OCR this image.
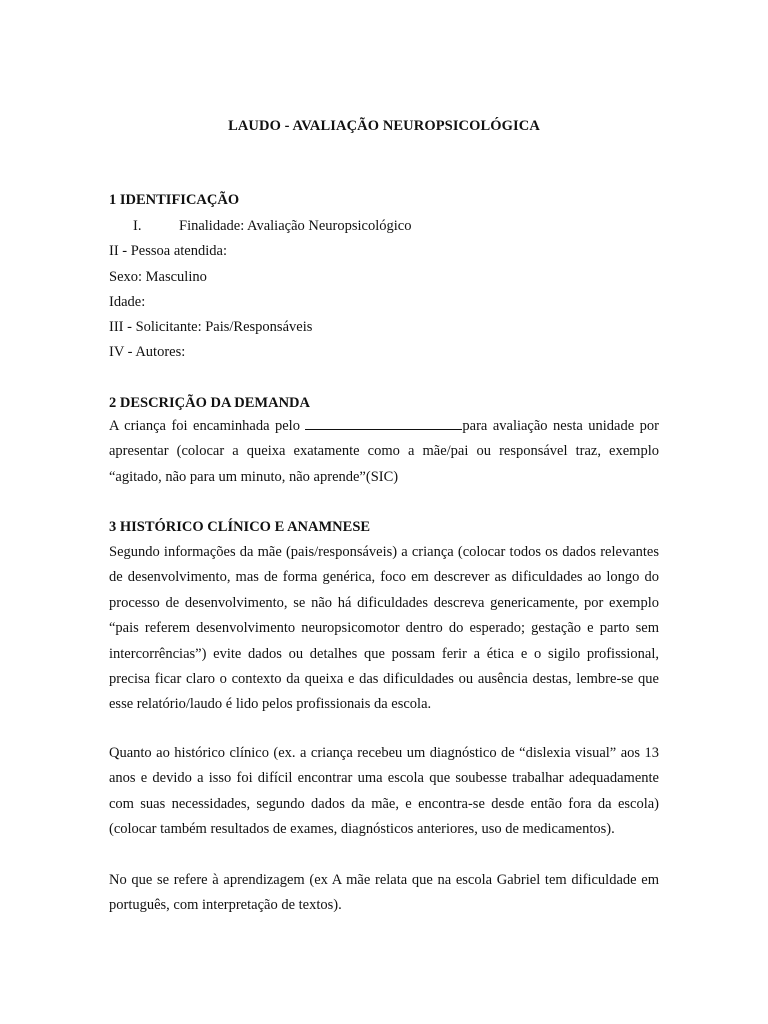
LAUDO - AVALIAÇÃO NEUROPSICOLÓGICA
1 IDENTIFICAÇÃO
I.	Finalidade: Avaliação Neuropsicológico
II - Pessoa atendida:
Sexo: Masculino
Idade:
III - Solicitante: Pais/Responsáveis
IV - Autores:
2 DESCRIÇÃO DA DEMANDA
A criança foi encaminhada pelo	para avaliação nesta unidade por apresentar (colocar a queixa exatamente como a mãe/pai ou responsável traz, exemplo “agitado, não para um minuto, não aprende”(SIC)
3 HISTÓRICO CLÍNICO E ANAMNESE
Segundo informações da mãe (pais/responsáveis) a criança (colocar todos os dados relevantes de desenvolvimento, mas de forma genérica, foco em descrever as dificuldades ao longo do processo de desenvolvimento, se não há dificuldades descreva genericamente, por exemplo “pais referem desenvolvimento neuropsicomotor dentro do esperado; gestação e parto sem intercorrências”) evite dados ou detalhes que possam ferir a ética e o sigilo profissional, precisa ficar claro o contexto da queixa e das dificuldades ou ausência destas, lembre-se que esse relatório/laudo é lido pelos profissionais da escola.
Quanto ao histórico clínico (ex. a criança recebeu um diagnóstico de “dislexia visual” aos 13 anos e devido a isso foi difícil encontrar uma escola que soubesse trabalhar adequadamente com suas necessidades, segundo dados da mãe, e encontra-se desde então fora da escola) (colocar também resultados de exames, diagnósticos anteriores, uso de medicamentos).
No que se refere à aprendizagem (ex A mãe relata que na escola Gabriel tem dificuldade em português, com interpretação de textos).
